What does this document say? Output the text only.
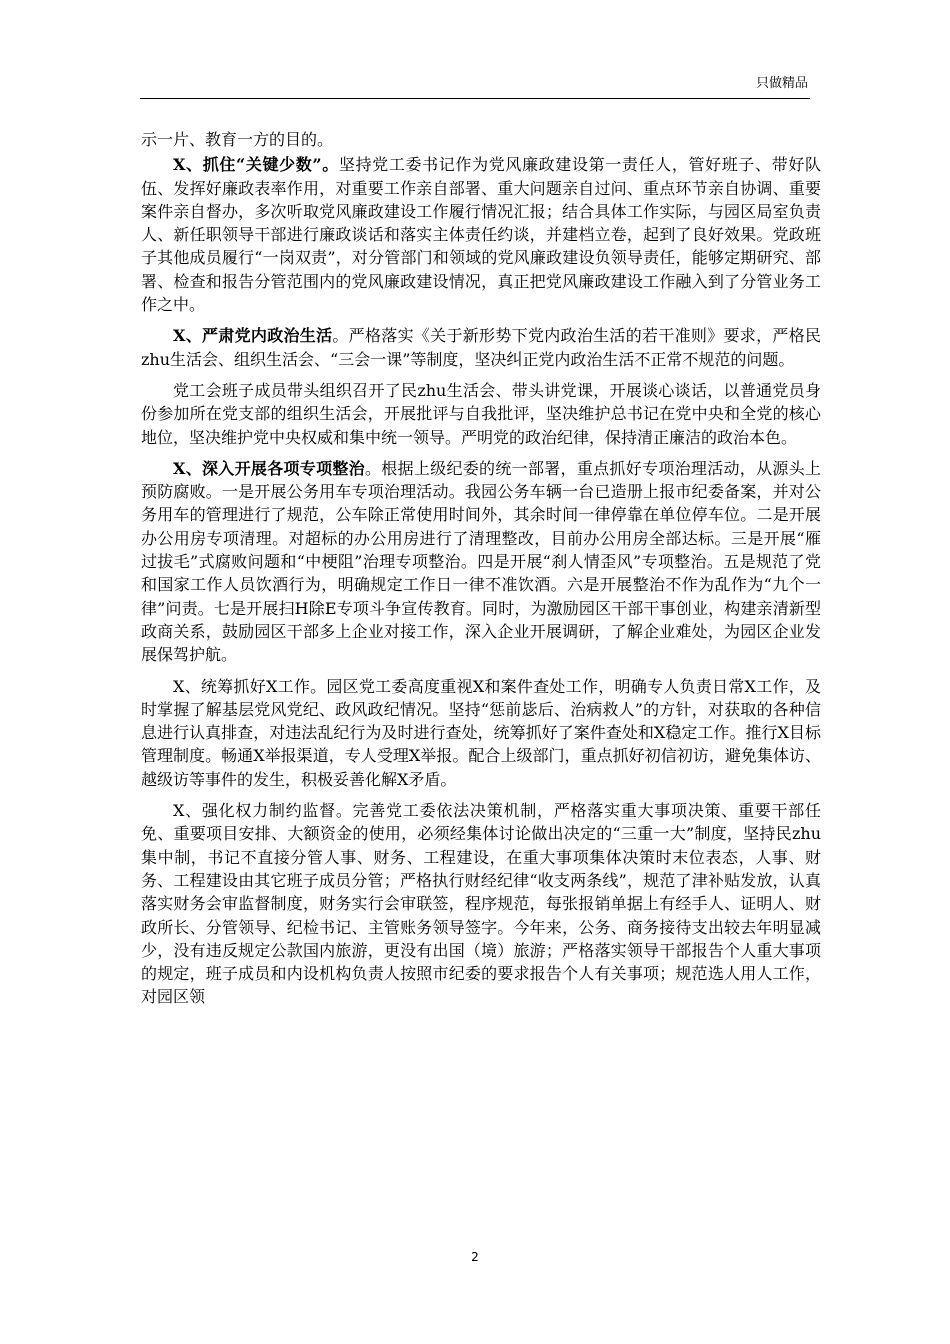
只做精品

示一片、教育一方的目的。

X、抓住“关键少数”。坚持党工委书记作为党风廉政建设第一责任人，管好班子、带好队伍、发挥好廉政表率作用，对重要工作亲自部署、重大问题亲自过问、重点环节亲自协调、重要案件亲自督办，多次听取党风廉政建设工作履行情况汇报；结合具体工作实际，与园区局室负责人、新任职领导干部进行廉政谈话和落实主体责任约谈，并建档立卷，起到了良好效果。党政班子其他成员履行“一岗双责”，对分管部门和领域的党风廉政建设负领导责任，能够定期研究、部署、检查和报告分管范围内的党风廉政建设情况，真正把党风廉政建设工作融入到了分管业务工作之中。

X、严肃党内政治生活。严格落实《关于新形势下党内政治生活的若干准则》要求，严格民zhu生活会、组织生活会、“三会一课”等制度，坚决纠正党内政治生活不正常不规范的问题。

党工会班子成员带头组织召开了民zhu生活会、带头讲党课，开展谈心谈话，以普通党员身份参加所在党支部的组织生活会，开展批评与自我批评，坚决维护总书记在党中央和全党的核心地位，坚决维护党中央权威和集中统一领导。严明党的政治纪律，保持清正廉洁的政治本色。

X、深入开展各项专项整治。根据上级纪委的统一部署，重点抓好专项治理活动，从源头上预防腐败。一是开展公务用车专项治理活动。我园公务车辆一台已造册上报市纪委备案，并对公务用车的管理进行了规范，公车除正常使用时间外，其余时间一律停靠在单位停车位。二是开展办公用房专项清理。对超标的办公用房进行了清理整改，目前办公用房全部达标。三是开展“雁过拔毛”式腐败问题和“中梗阻”治理专项整治。四是开展“刹人情歪风”专项整治。五是规范了党和国家工作人员饮酒行为，明确规定工作日一律不准饮酒。六是开展整治不作为乱作为“九个一律”问责。七是开展扫H除E专项斗争宣传教育。同时，为激励园区干部干事创业，构建亲清新型政商关系，鼓励园区干部多上企业对接工作，深入企业开展调研，了解企业难处，为园区企业发展保驾护航。

X、统筹抓好X工作。园区党工委高度重视X和案件查处工作，明确专人负责日常X工作，及时掌握了解基层党风党纪、政风政纪情况。坚持“惩前毖后、治病救人”的方针，对获取的各种信息进行认真排查，对违法乱纪行为及时进行查处，统筹抓好了案件查处和X稳定工作。推行X目标管理制度。畅通X举报渠道，专人受理X举报。配合上级部门，重点抓好初信初访，避免集体访、越级访等事件的发生，积极妥善化解X矛盾。

X、强化权力制约监督。完善党工委依法决策机制，严格落实重大事项决策、重要干部任免、重要项目安排、大额资金的使用，必须经集体讨论做出决定的“三重一大”制度，坚持民zhu集中制，书记不直接分管人事、财务、工程建设，在重大事项集体决策时末位表态，人事、财务、工程建设由其它班子成员分管；严格执行财经纪律“收支两条线”，规范了津补贴发放，认真落实财务会审监督制度，财务实行会审联签，程序规范，每张报销单据上有经手人、证明人、财政所长、分管领导、纪检书记、主管账务领导签字。今年来，公务、商务接待支出较去年明显减少，没有违反规定公款国内旅游，更没有出国（境）旅游；严格落实领导干部报告个人重大事项的规定，班子成员和内设机构负责人按照市纪委的要求报告个人有关事项；规范选人用人工作，对园区领

2
